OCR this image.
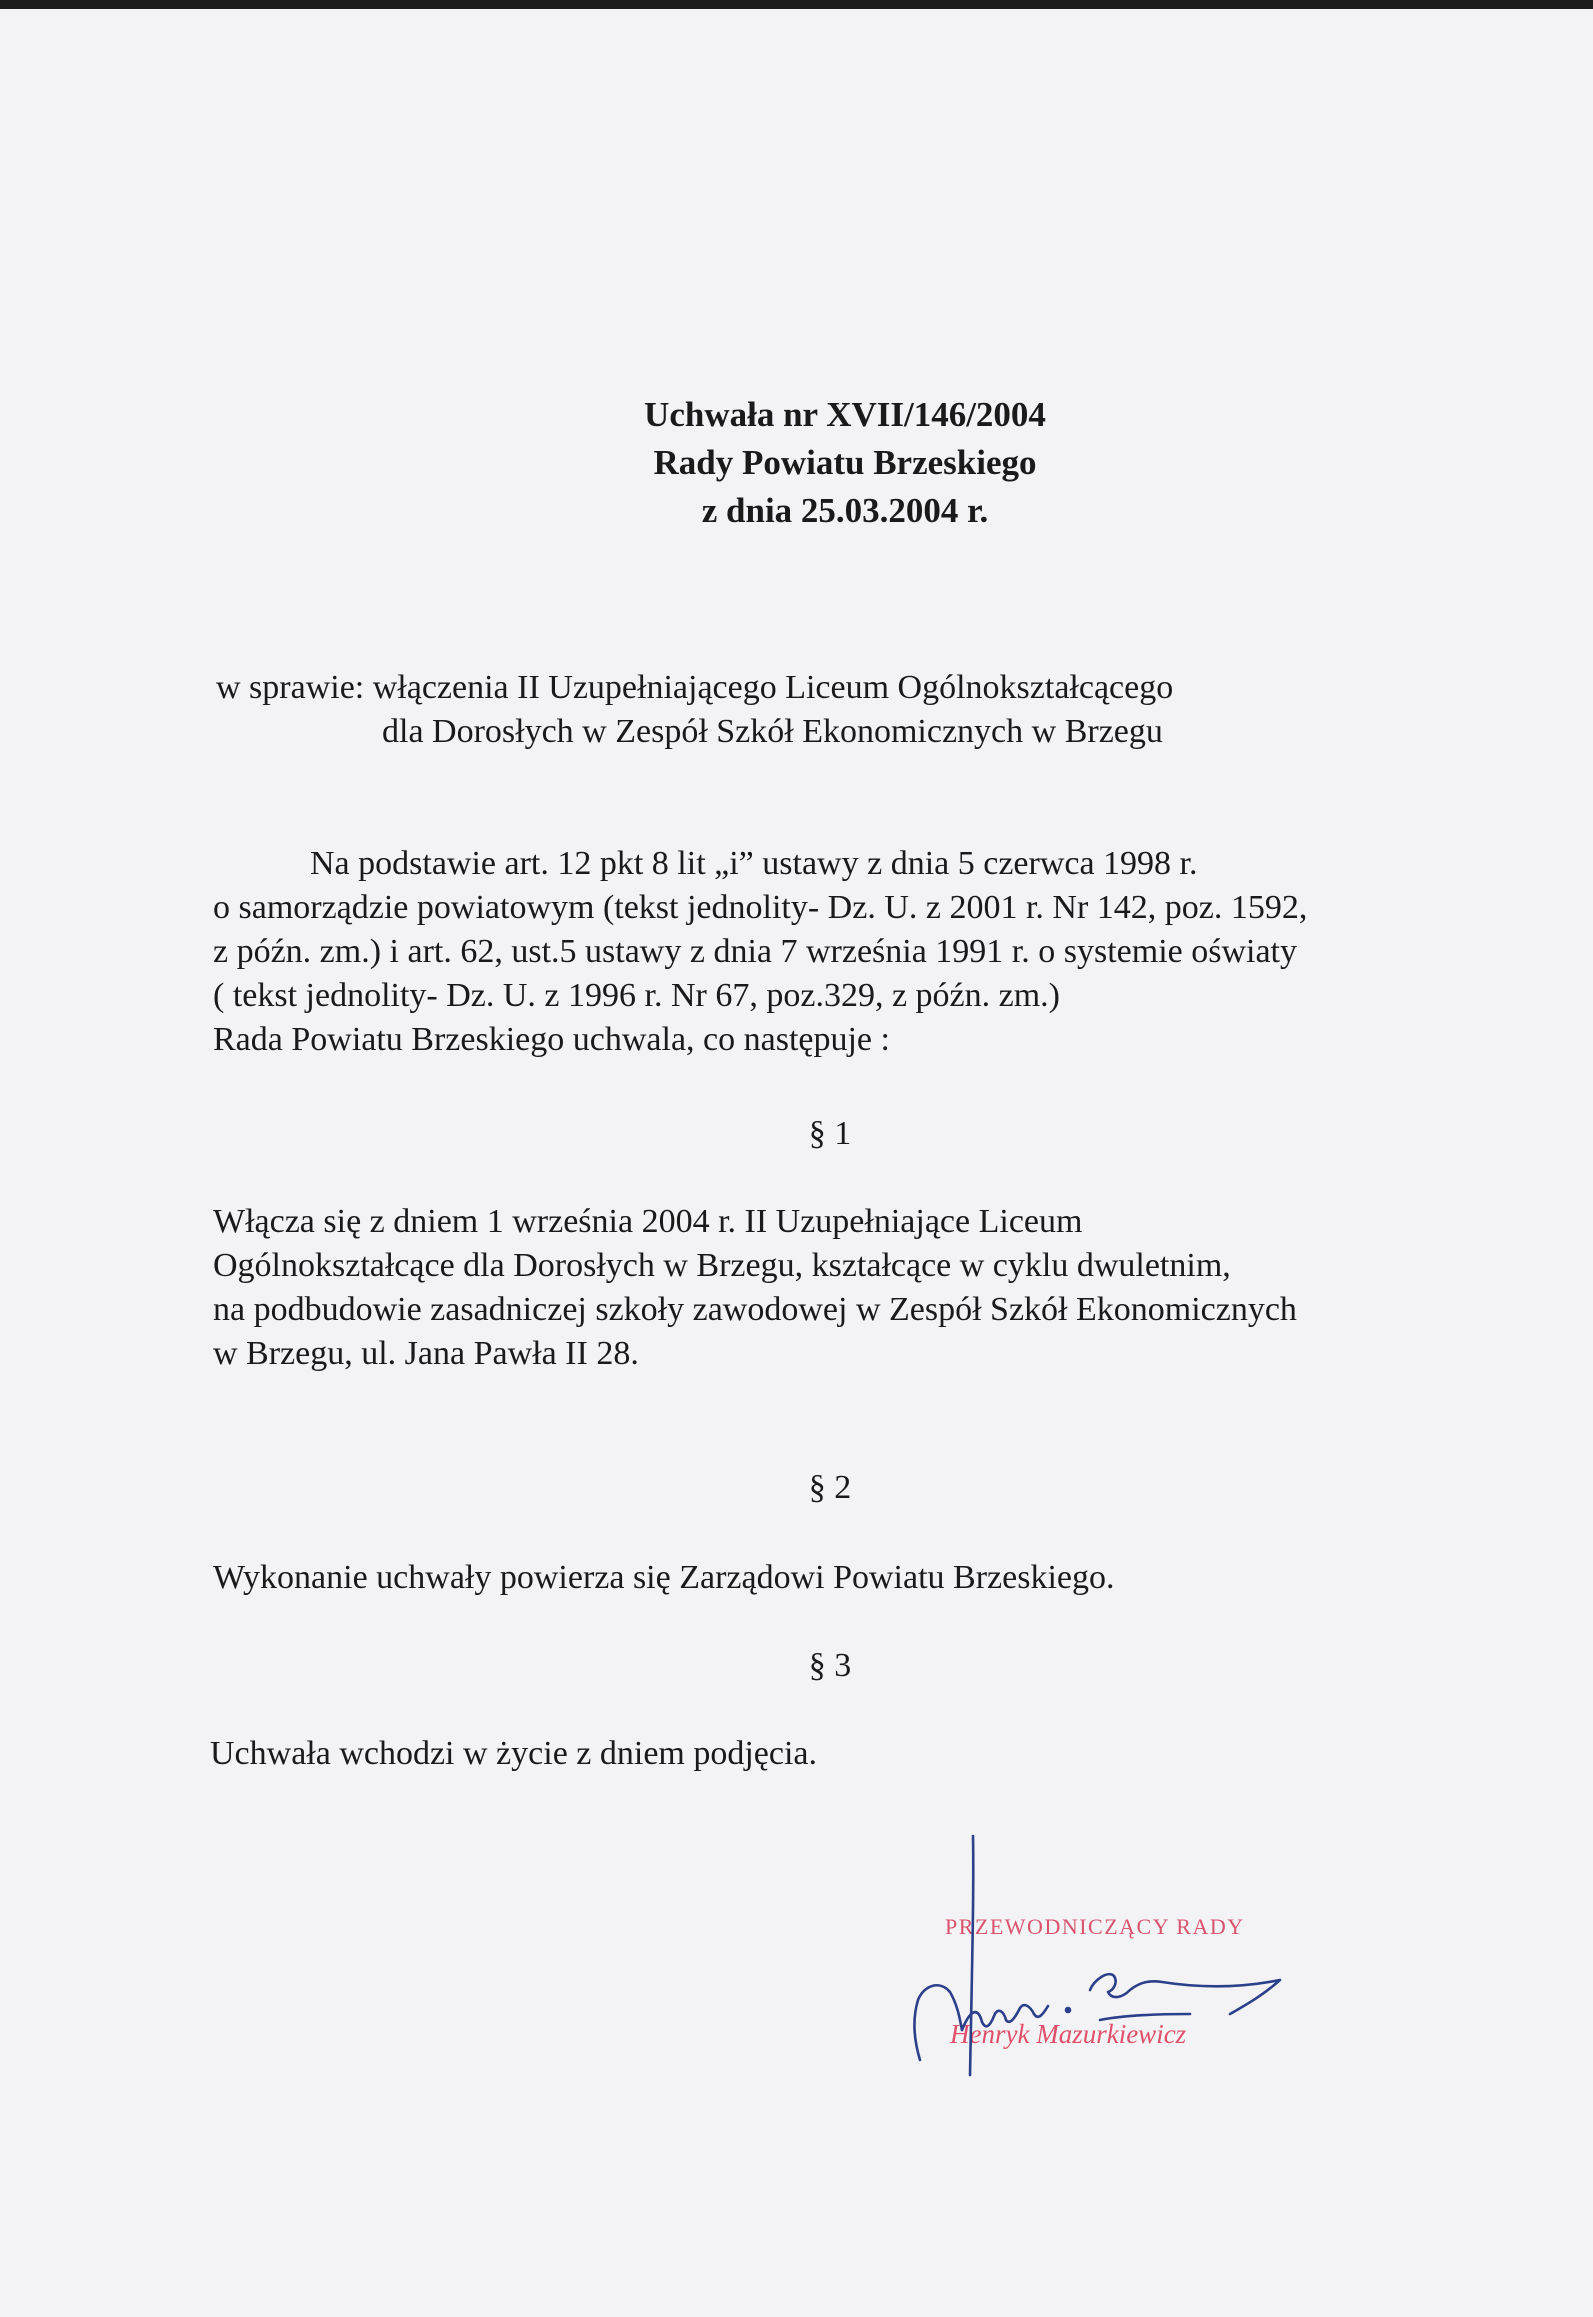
Uchwała nr XVII/146/2004
Rady Powiatu Brzeskiego
z dnia 25.03.2004 r.
w sprawie: włączenia II Uzupełniającego Liceum Ogólnokształcącego
dla Dorosłych w Zespół Szkół Ekonomicznych w Brzegu
Na podstawie art. 12 pkt 8 lit „i” ustawy z dnia 5 czerwca 1998 r.
o samorządzie powiatowym (tekst jednolity- Dz. U. z 2001 r. Nr 142, poz. 1592,
z późn. zm.) i art. 62, ust.5 ustawy z dnia 7 września 1991 r. o systemie oświaty
( tekst jednolity- Dz. U. z 1996 r. Nr 67, poz.329, z późn. zm.)
Rada Powiatu Brzeskiego uchwala, co następuje :
§ 1
Włącza się z dniem 1 września 2004 r. II Uzupełniające Liceum
Ogólnokształcące dla Dorosłych w Brzegu, kształcące w cyklu dwuletnim,
na podbudowie zasadniczej szkoły zawodowej w Zespół Szkół Ekonomicznych
w Brzegu, ul. Jana Pawła II 28.
§ 2
Wykonanie uchwały powierza się Zarządowi Powiatu Brzeskiego.
§ 3
Uchwała wchodzi w życie z dniem podjęcia.
PRZEWODNICZĄCY RADY
Henryk Mazurkiewicz
